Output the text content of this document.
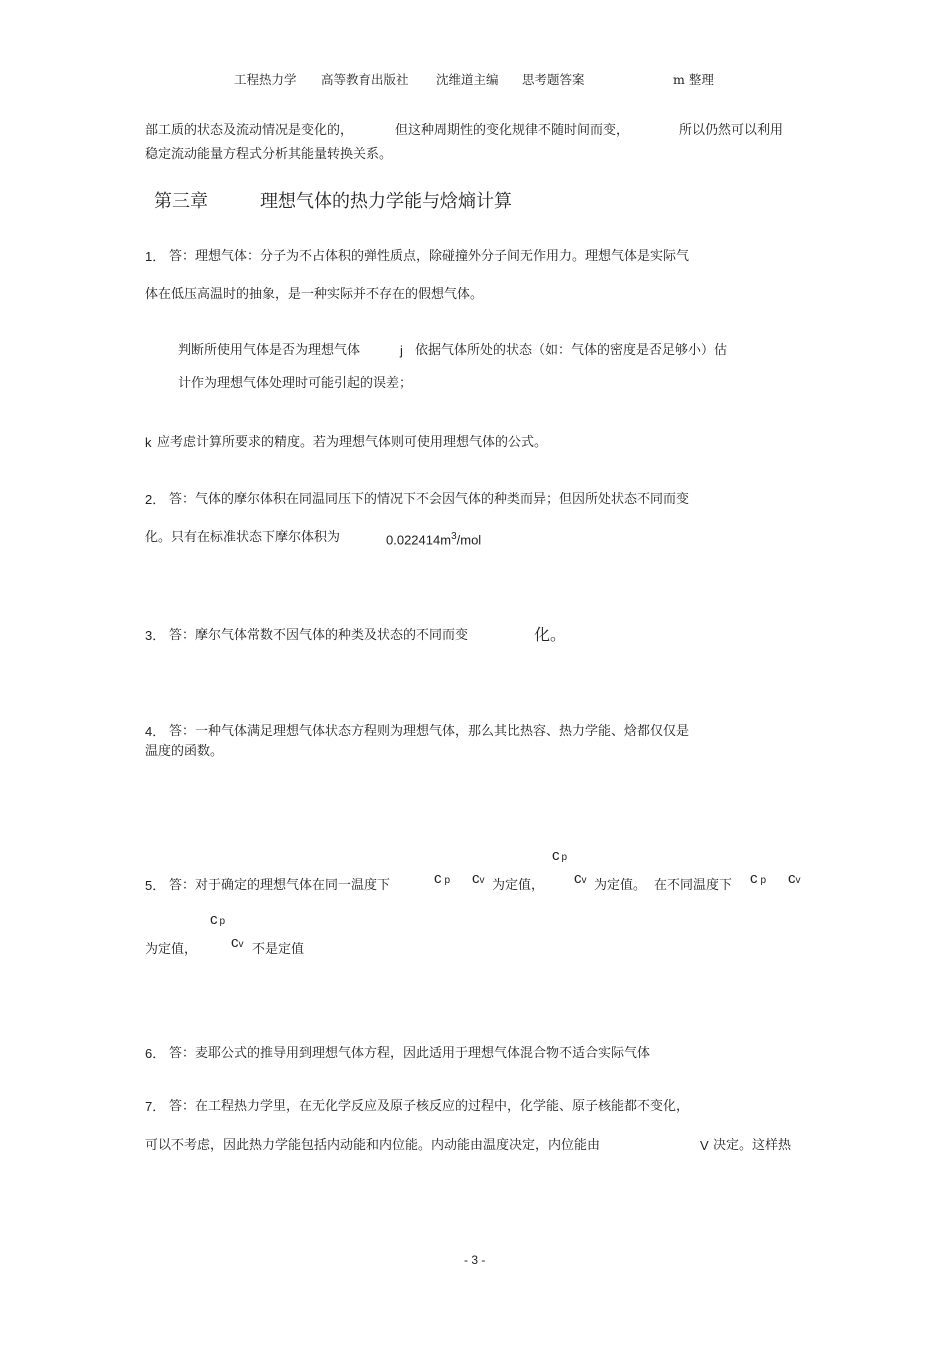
工程热力学 高等教育出版社 沈维道主编 思考题答案	m 整理
部工质的状态及流动情况是变化的，	但这种周期性的变化规律不随时间而变，	所以仍然可以利用
稳定流动能量方程式分析其能量转换关系。
第三章	理想气体的热力学能与焓熵计算
1． 答：理想气体：分子为不占体积的弹性质点，除碰撞外分子间无作用力。理想气体是实际气
体在低压高温时的抽象，是一种实际并不存在的假想气体。
判断所使用气体是否为理想气体	j 依据气体所处的状态（如：气体的密度是否足够小）估
计作为理想气体处理时可能引起的误差；
k 应考虑计算所要求的精度。若为理想气体则可使用理想气体的公式。
2． 答：气体的摩尔体积在同温同压下的情况下不会因气体的种类而异；但因所处状态不同而变
化。只有在标准状态下摩尔体积为	$0.022414m^3$/mol
3． 答：摩尔气体常数不因气体的种类及状态的不同而变	化。
4． 答：一种气体满足理想气体状态方程则为理想气体，那么其比热容、热力学能、焓都仅仅是
温度的函数。
5． 答：对于确定的理想气体在同一温度下	cp cv 为定值，
cp
cv 为定值。 在不同温度下 cp cv
cp
为定值， cv 不是定值
6． 答：麦耶公式的推导用到理想气体方程，因此适用于理想气体混合物不适合实际气体
7． 答：在工程热力学里，在无化学反应及原子核反应的过程中，化学能、原子核能都不变化，
可以不考虑，因此热力学能包括内动能和内位能。内动能由温度决定，内位能由	V 决定。这样热
- 3 -
